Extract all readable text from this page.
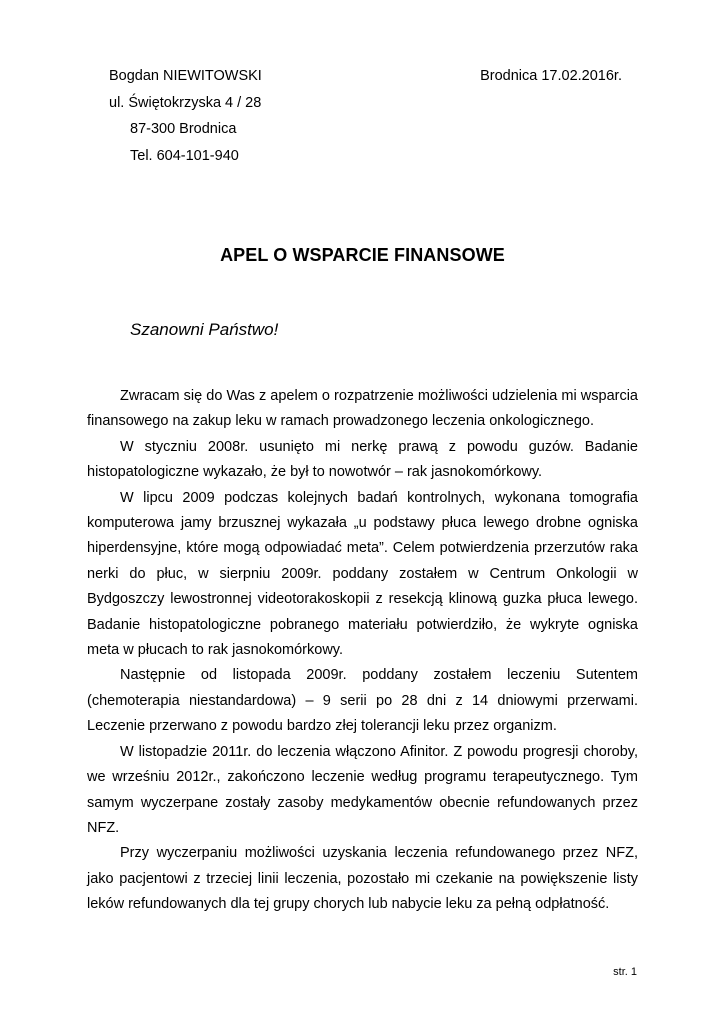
Bogdan NIEWITOWSKI
ul. Świętokrzyska 4 / 28
87-300 Brodnica
Tel. 604-101-940
Brodnica 17.02.2016r.
APEL O WSPARCIE FINANSOWE
Szanowni Państwo!

Zwracam się do Was z apelem o rozpatrzenie możliwości udzielenia mi wsparcia finansowego na zakup leku w ramach prowadzonego leczenia onkologicznego.

W styczniu 2008r. usunięto mi nerkę prawą z powodu guzów. Badanie histopatologiczne wykazało, że był to nowotwór – rak jasnokomórkowy.

W lipcu 2009 podczas kolejnych badań kontrolnych, wykonana tomografia komputerowa jamy brzusznej wykazała „u podstawy płuca lewego drobne ogniska hiperdensyjne, które mogą odpowiadać meta”. Celem potwierdzenia przerzutów raka nerki do płuc, w sierpniu 2009r. poddany zostałem w Centrum Onkologii w Bydgoszczy lewostronnej videotorakoskopii z resekcją klinową guzka płuca lewego. Badanie histopatologiczne pobranego materiału potwierdziło, że wykryte ogniska meta w płucach to rak jasnokomórkowy.

Następnie od listopada 2009r. poddany zostałem leczeniu Sutentem (chemoterapia niestandardowa) – 9 serii po 28 dni z 14 dniowymi przerwami. Leczenie przerwano z powodu bardzo złej tolerancji leku przez organizm.

W listopadzie 2011r. do leczenia włączono Afinitor. Z powodu progresji choroby, we wrześniu 2012r., zakończono leczenie według programu terapeutycznego. Tym samym wyczerpane zostały zasoby medykamentów obecnie refundowanych przez NFZ.

Przy wyczerpaniu możliwości uzyskania leczenia refundowanego przez NFZ, jako pacjentowi z trzeciej linii leczenia, pozostało mi czekanie na powiększenie listy leków refundowanych dla tej grupy chorych lub nabycie leku za pełną odpłatność.

str. 1
